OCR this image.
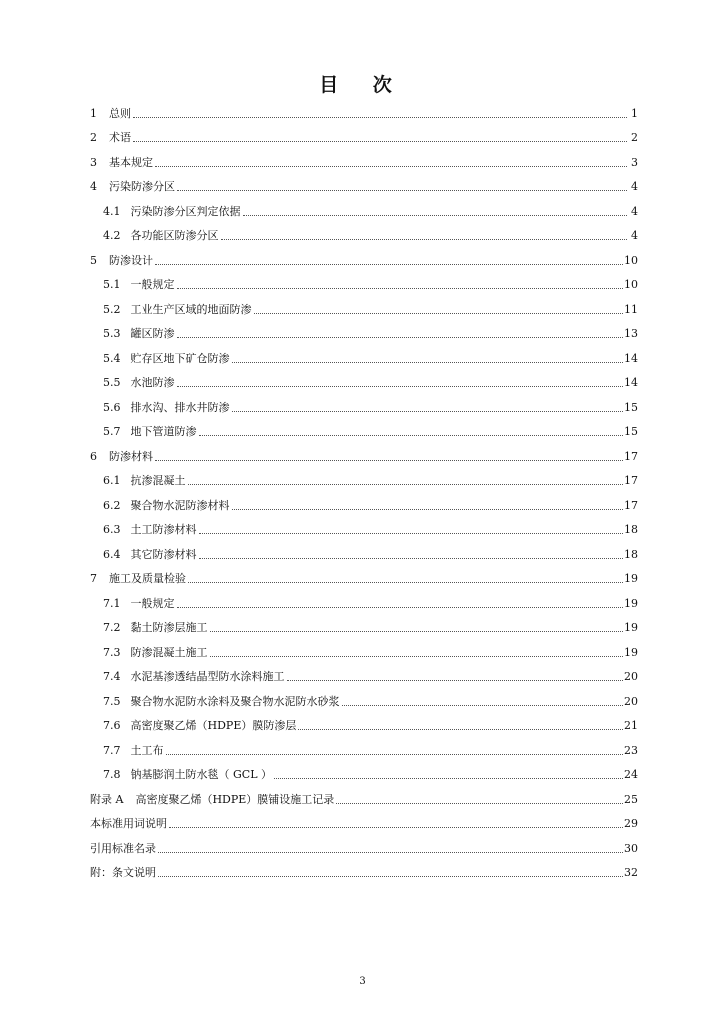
目 次
1 总则	1
2 术语	2
3 基本规定	3
4 污染防渗分区	4
4.1 污染防渗分区判定依据	4
4.2 各功能区防渗分区	4
5 防渗设计	10
5.1 一般规定	10
5.2 工业生产区域的地面防渗	11
5.3 罐区防渗	13
5.4 贮存区地下矿仓防渗	14
5.5 水池防渗	14
5.6 排水沟、排水井防渗	15
5.7 地下管道防渗	15
6 防渗材料	17
6.1 抗渗混凝土	17
6.2 聚合物水泥防渗材料	17
6.3 土工防渗材料	18
6.4 其它防渗材料	18
7 施工及质量检验	19
7.1 一般规定	19
7.2 黏土防渗层施工	19
7.3 防渗混凝土施工	19
7.4 水泥基渗透结晶型防水涂料施工	20
7.5 聚合物水泥防水涂料及聚合物水泥防水砂浆	20
7.6 高密度聚乙烯（HDPE）膜防渗层	21
7.7 土工布	23
7.8 钠基膨润土防水毯（ GCL ）	24
附录 A 高密度聚乙烯（HDPE）膜铺设施工记录	25
本标准用词说明	29
引用标准名录	30
附：条文说明	32
3
